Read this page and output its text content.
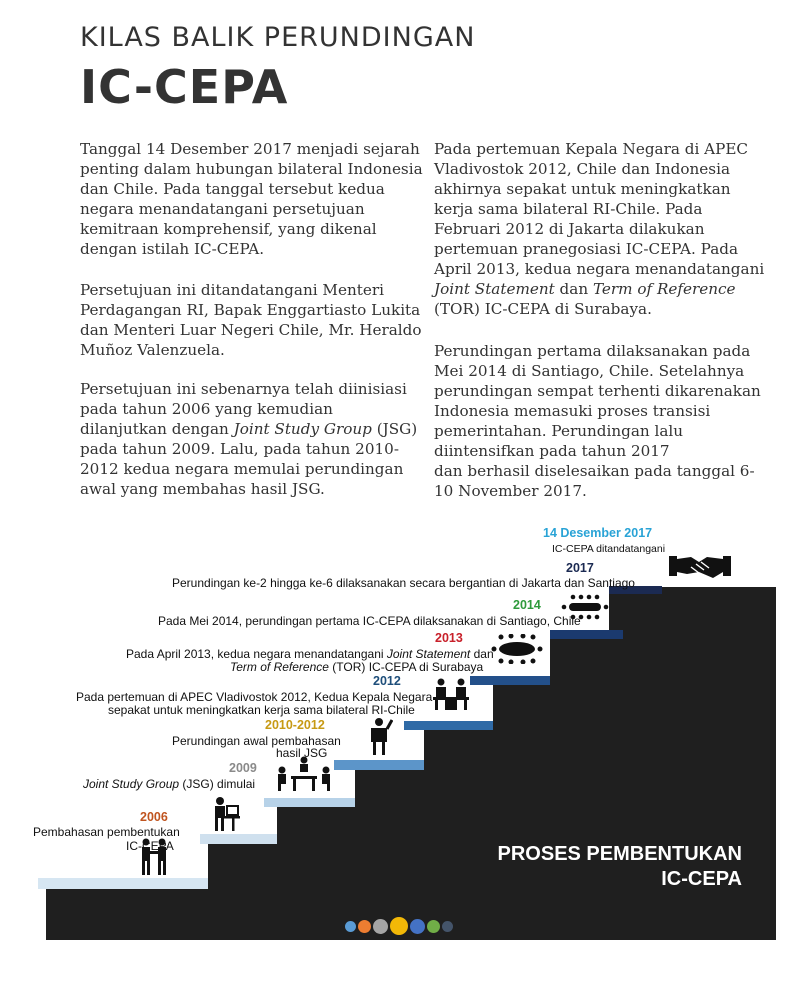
KILAS BALIK PERUNDINGAN
IC-CEPA
Tanggal 14 Desember 2017 menjadi sejarah
penting dalam hubungan bilateral Indonesia
dan Chile. Pada tanggal tersebut kedua
negara menandatangani persetujuan
kemitraan komprehensif, yang dikenal
dengan istilah IC-CEPA.
Persetujuan ini ditandatangani Menteri
Perdagangan RI, Bapak Enggartiasto Lukita
dan Menteri Luar Negeri Chile, Mr. Heraldo
Muñoz Valenzuela.
Persetujuan ini sebenarnya telah diinisiasi
pada tahun 2006 yang kemudian
dilanjutkan dengan Joint Study Group (JSG)
pada tahun 2009. Lalu, pada tahun 2010-
2012 kedua negara memulai perundingan
awal yang membahas hasil JSG.
Pada pertemuan Kepala Negara di APEC
Vladivostok 2012, Chile dan Indonesia
akhirnya sepakat untuk meningkatkan
kerja sama bilateral RI-Chile. Pada
Februari 2012 di Jakarta dilakukan
pertemuan pranegosiasi IC-CEPA. Pada
April 2013, kedua negara menandatangani
Joint Statement dan Term of Reference
(TOR) IC-CEPA di Surabaya.
Perundingan pertama dilaksanakan pada
Mei 2014 di Santiago, Chile. Setelahnya
perundingan sempat terhenti dikarenakan
Indonesia memasuki proses transisi
pemerintahan. Perundingan lalu
diintensifkan pada tahun 2017
dan berhasil diselesaikan pada tanggal 6-
10 November 2017.
2006
Pembahasan pembentukan
IC-CEPA
2009
Joint Study Group (JSG) dimulai
2010-2012
Perundingan awal pembahasan
hasil JSG
2012
Pada pertemuan di APEC Vladivostok 2012, Kedua Kepala Negara
sepakat untuk meningkatkan kerja sama bilateral RI-Chile
2013
Pada April 2013, kedua negara menandatangani Joint Statement dan
Term of Reference (TOR) IC-CEPA di Surabaya
2014
Pada Mei 2014, perundingan pertama IC-CEPA dilaksanakan di Santiago, Chile
2017
Perundingan ke-2 hingga ke-6 dilaksanakan secara bergantian di Jakarta dan Santiago
14 Desember 2017
IC-CEPA ditandatangani
PROSES PEMBENTUKAN
IC-CEPA
